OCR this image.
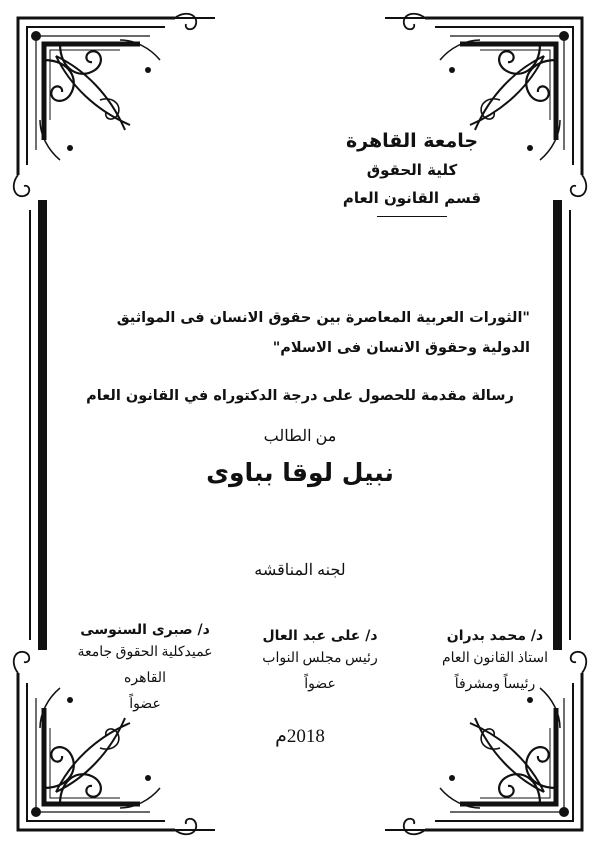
جامعة القاهرة
كلية الحقوق
قسم القانون العام
"الثورات العربية المعاصرة بين حقوق الانسان فى المواثيق الدولية وحقوق الانسان فى الاسلام"
رسالة مقدمة للحصول على درجة الدكتوراه في القانون العام
من الطالب
نبيل لوقا بباوى
لجنه المناقشه
د/ محمد بدران
استاذ القانون العام
رئيساً ومشرفاً
د/ على عبد العال
رئيس مجلس النواب
عضواً
د/ صبرى السنوسى
عميدكلية الحقوق جامعة
القاهره
عضواً
2018م
